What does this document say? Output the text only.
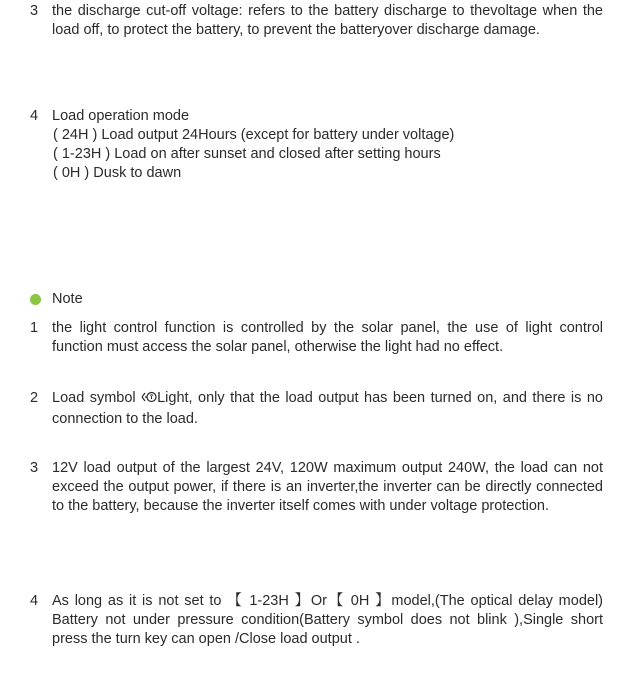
3 the discharge cut-off voltage: refers to the battery discharge to thevoltage when the load off, to protect the battery, to prevent the batteryover discharge damage.
4 Load operation mode
( 24H ) Load output 24Hours (except for battery under voltage)
( 1-23H ) Load on after sunset and closed after setting hours
( 0H ) Dusk to dawn
Note
1 the light control function is controlled by the solar panel, the use of light control function must access the solar panel, otherwise the light had no effect.
2 Load symbol Light, only that the load output has been turned on, and there is no connection to the load.
3 12V load output of the largest 24V, 120W maximum output 240W, the load can not exceed the output power, if there is an inverter,the inverter can be directly connected to the battery, because the inverter itself comes with under voltage protection.
4 As long as it is not set to 【 1-23H 】Or【 0H 】model,(The optical delay model) Battery not under pressure condition(Battery symbol does not blink ),Single short press the turn key can open /Close load output .
